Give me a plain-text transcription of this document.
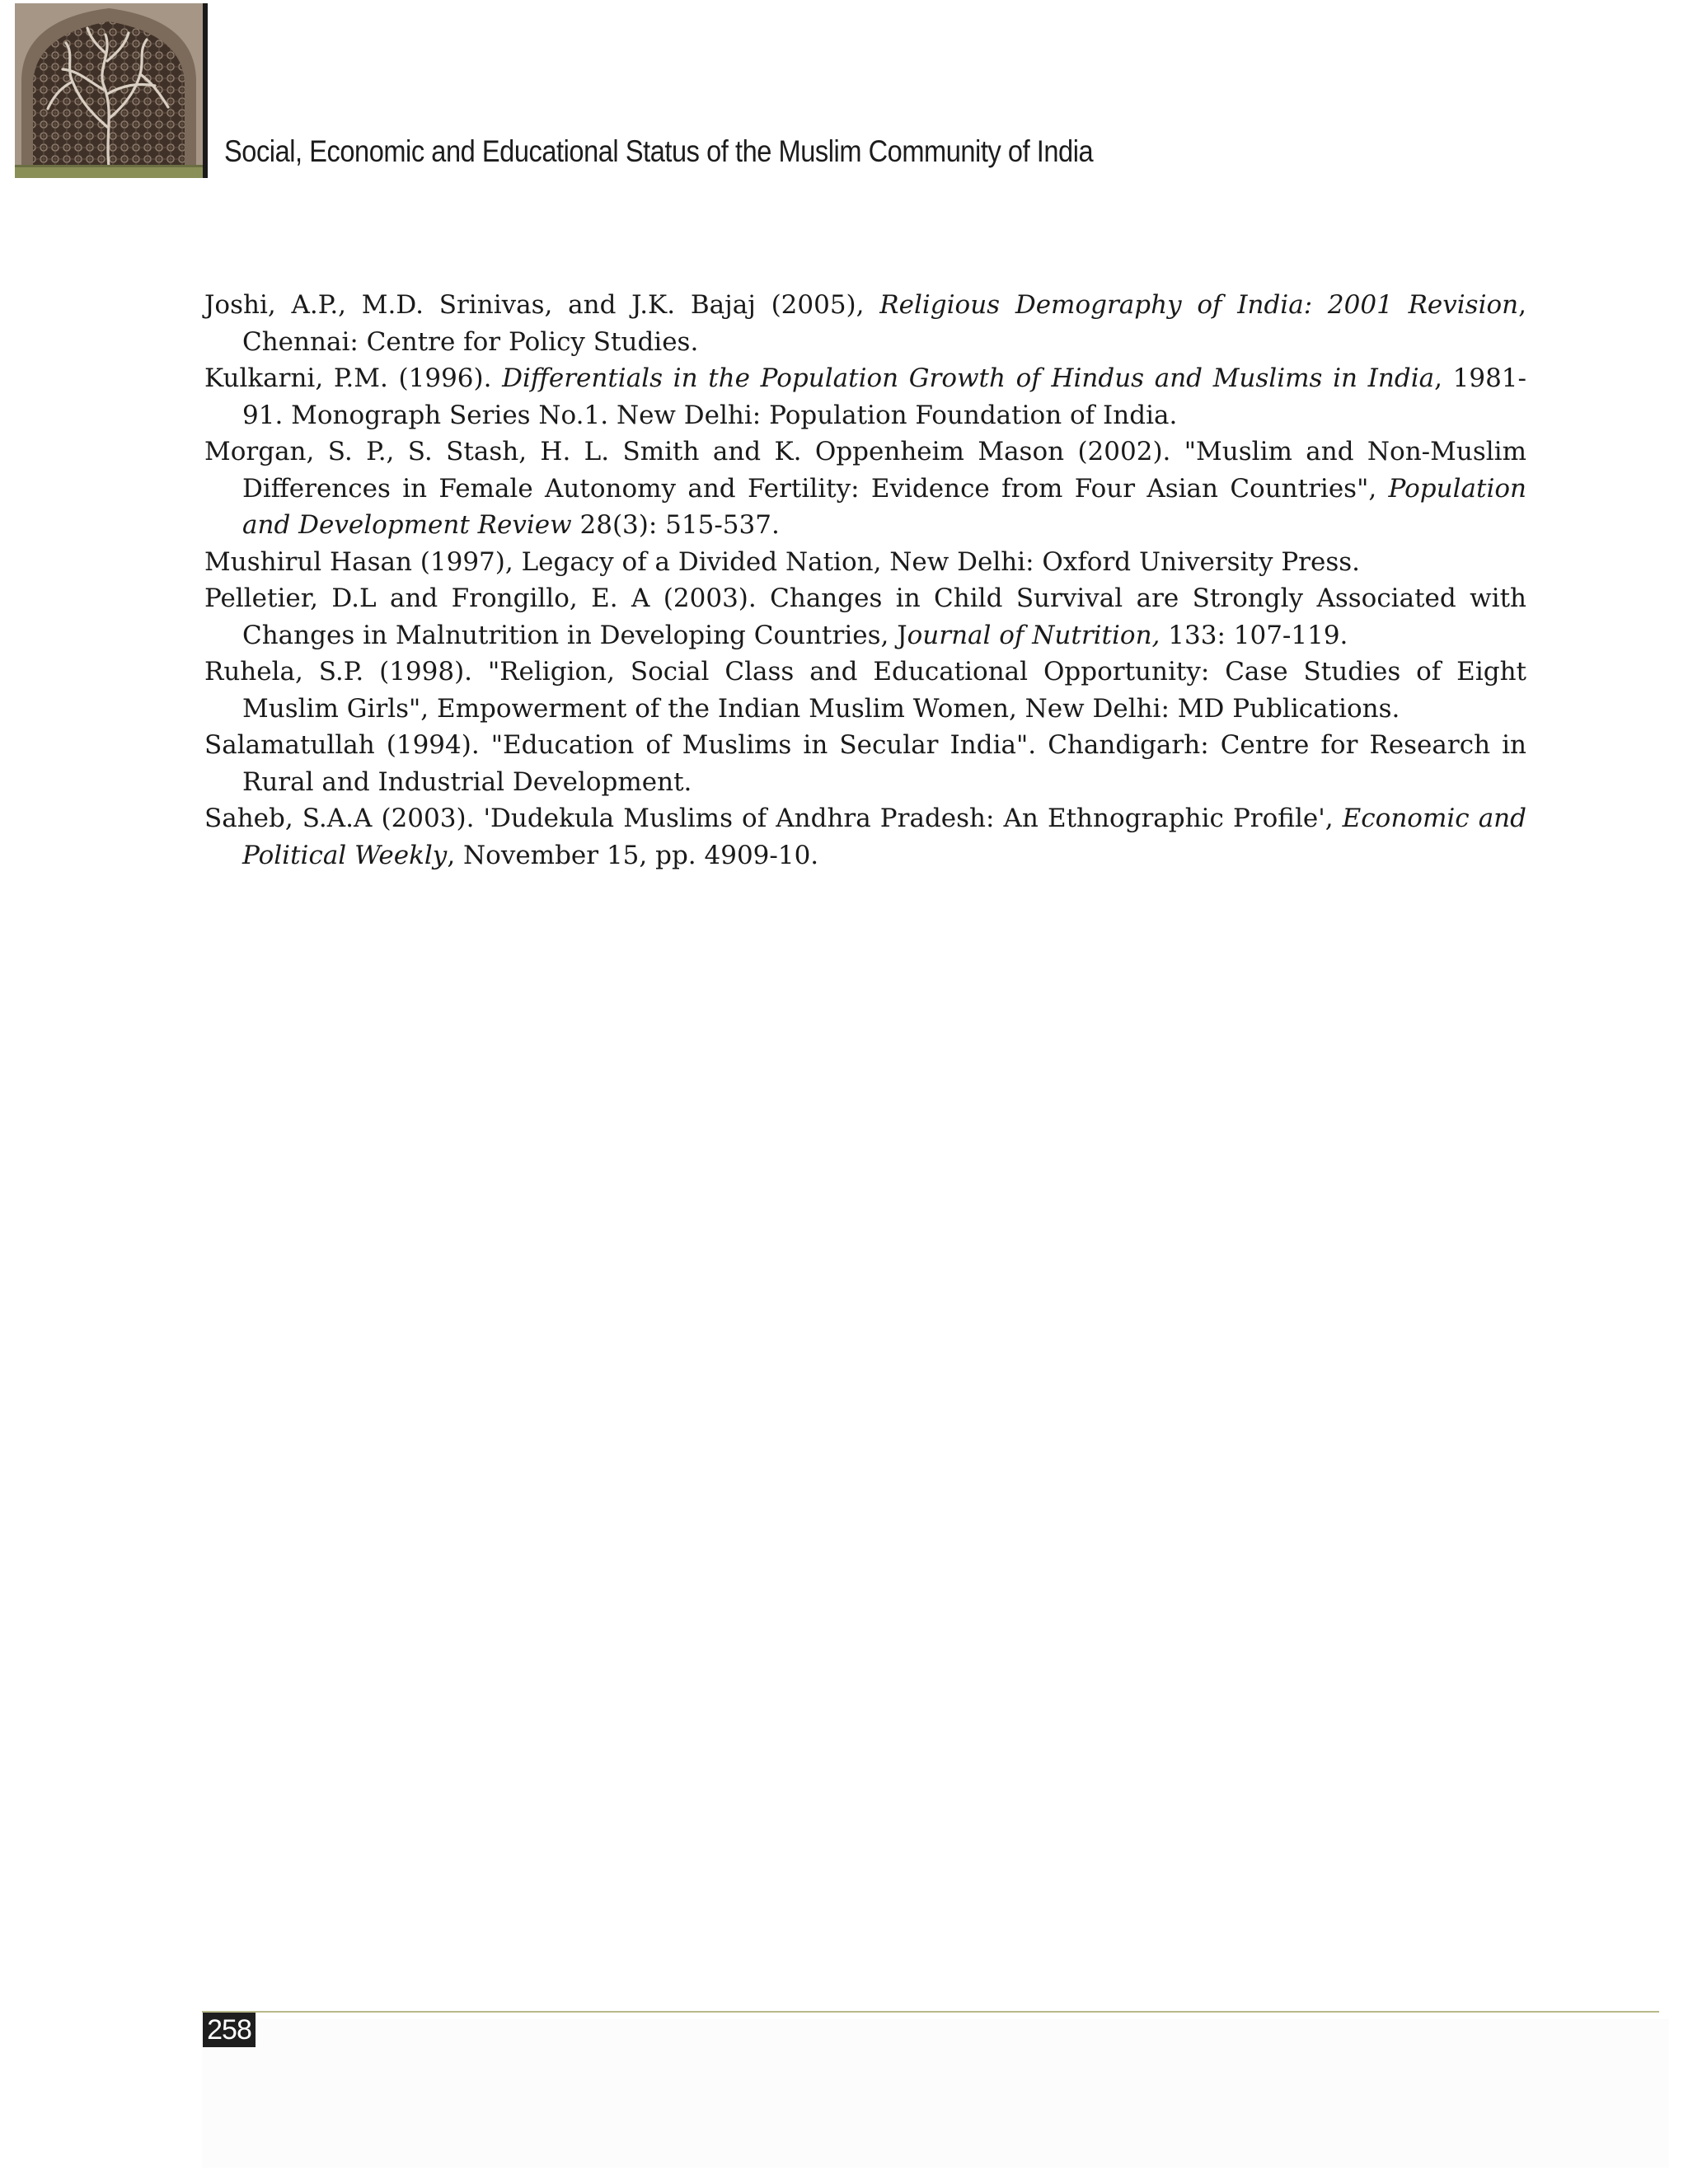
Social, Economic and Educational Status of the Muslim Community of India

Joshi, A.P., M.D. Srinivas, and J.K. Bajaj (2005), Religious Demography of India: 2001 Revision, Chennai: Centre for Policy Studies.

Kulkarni, P.M. (1996). Differentials in the Population Growth of Hindus and Muslims in India, 1981-91. Monograph Series No.1. New Delhi: Population Foundation of India.

Morgan, S. P., S. Stash, H. L. Smith and K. Oppenheim Mason (2002). "Muslim and Non-Muslim Differences in Female Autonomy and Fertility: Evidence from Four Asian Countries", Population and Development Review 28(3): 515-537.

Mushirul Hasan (1997), Legacy of a Divided Nation, New Delhi: Oxford University Press.

Pelletier, D.L and Frongillo, E. A (2003). Changes in Child Survival are Strongly Associated with Changes in Malnutrition in Developing Countries, Journal of Nutrition, 133: 107-119.

Ruhela, S.P. (1998). "Religion, Social Class and Educational Opportunity: Case Studies of Eight Muslim Girls", Empowerment of the Indian Muslim Women, New Delhi: MD Publications.

Salamatullah (1994). "Education of Muslims in Secular India". Chandigarh: Centre for Research in Rural and Industrial Development.

Saheb, S.A.A (2003). 'Dudekula Muslims of Andhra Pradesh: An Ethnographic Profile', Economic and Political Weekly, November 15, pp. 4909-10.

258
